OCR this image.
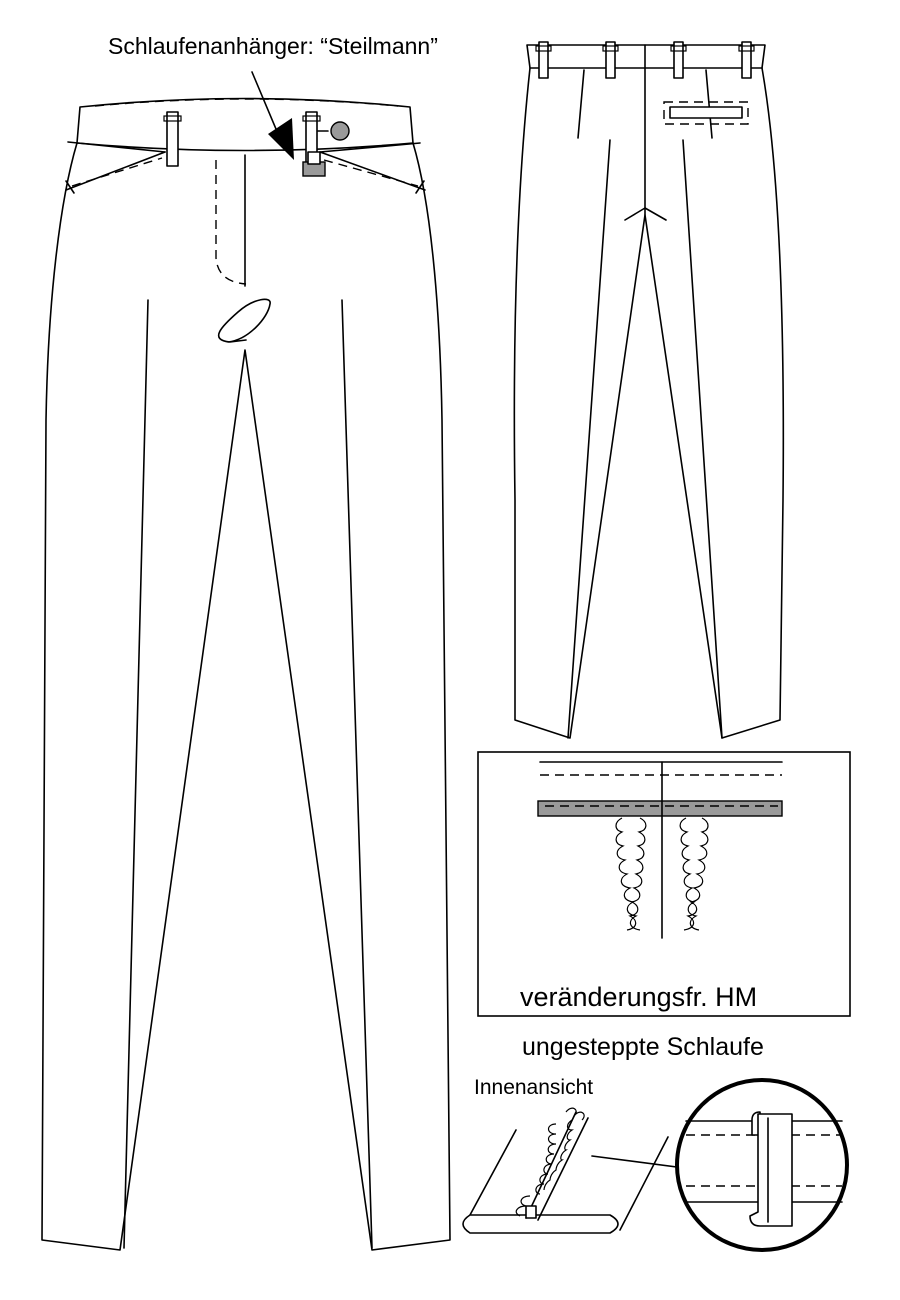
Schlaufenanhänger: “Steilmann”
veränderungsfr. HM
ungesteppte Schlaufe
Innenansicht
